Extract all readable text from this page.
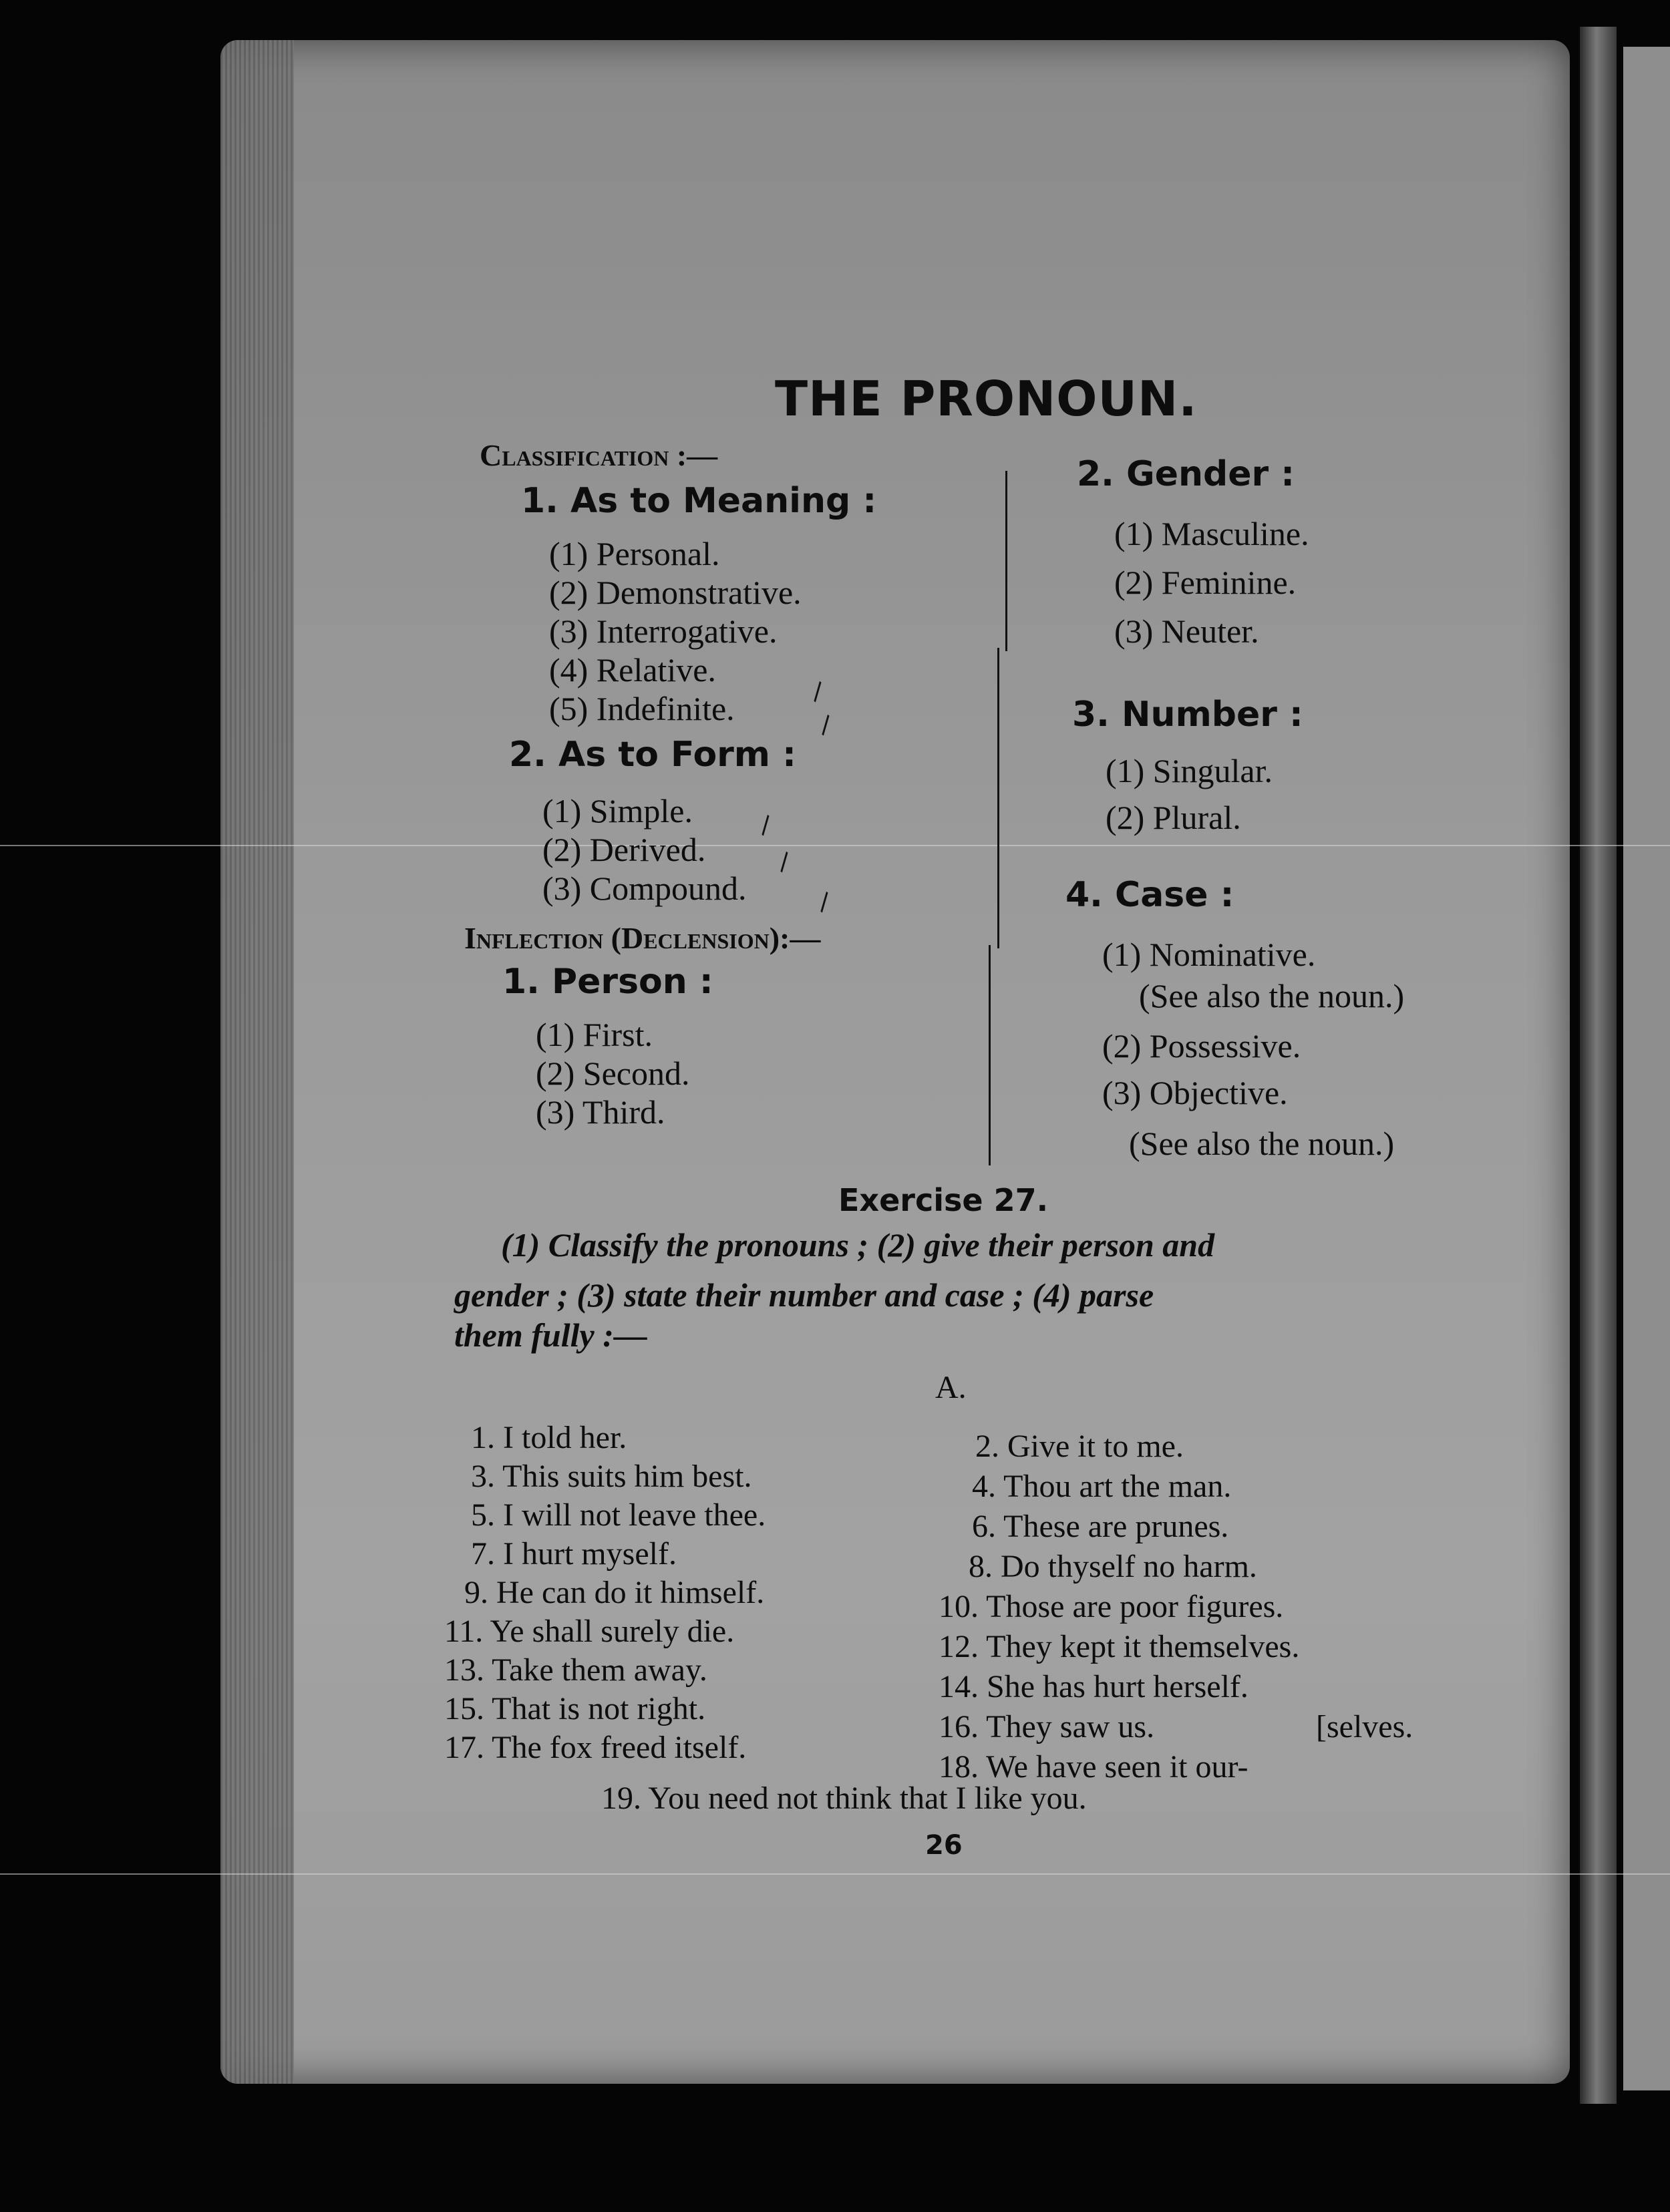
THE PRONOUN.
Classification :—
1. As to Meaning :
(1) Personal.
(2) Demonstrative.
(3) Interrogative.
(4) Relative.
(5) Indefinite.
2. As to Form :
(1) Simple.
(2) Derived.
(3) Compound.
Inflection (Declension):—
1. Person :
(1) First.
(2) Second.
(3) Third.
\
\
\
\
\
2. Gender :
(1) Masculine.
(2) Feminine.
(3) Neuter.
3. Number :
(1) Singular.
(2) Plural.
4. Case :
(1) Nominative.
(See also the noun.)
(2) Possessive.
(3) Objective.
(See also the noun.)
Exercise 27.
(1) Classify the pronouns ; (2) give their person and
gender ; (3) state their number and case ; (4) parse
them fully :—
A.
1. I told her.
3. This suits him best.
5. I will not leave thee.
7. I hurt myself.
9. He can do it himself.
11. Ye shall surely die.
13. Take them away.
15. That is not right.
17. The fox freed itself.
2. Give it to me.
4. Thou art the man.
6. These are prunes.
8. Do thyself no harm.
10. Those are poor figures.
12. They kept it themselves.
14. She has hurt herself.
16. They saw us.	[selves.
18. We have seen it our-
19. You need not think that I like you.
26
